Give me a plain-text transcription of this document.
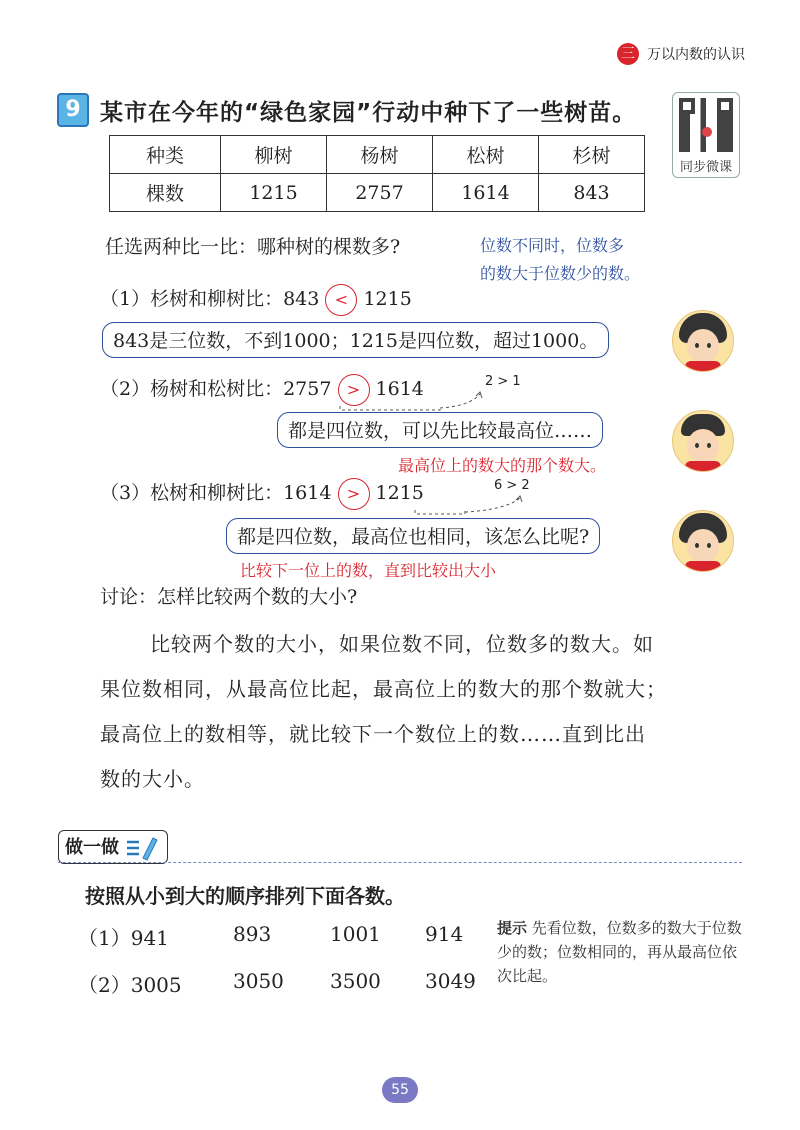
三 万以内数的认识
9 某市在今年的“绿色家园”行动中种下了一些树苗。
同步微课
种类	柳树	杨树	松树	杉树
棵数	1215	2757	1614	843
任选两种比一比：哪种树的棵数多?	位数不同时，位数多
的数大于位数少的数。
（1）杉树和柳树比：843 < 1215
843是三位数，不到1000；1215是四位数，超过1000。
（2）杨树和松树比：2757 > 1614	2 > 1
都是四位数，可以先比较最高位……
最高位上的数大的那个数大。
（3）松树和柳树比：1614 > 1215	6 > 2
都是四位数，最高位也相同，该怎么比呢?
比较下一位上的数，直到比较出大小
讨论：怎样比较两个数的大小?
比较两个数的大小，如果位数不同，位数多的数大。如
果位数相同，从最高位比起，最高位上的数大的那个数就大；
最高位上的数相等，就比较下一个数位上的数……直到比出
数的大小。
做一做
按照从小到大的顺序排列下面各数。
（1）941	893	1001 914
（2）3005	3050 3500 3049
提示 先看位数，位数多的数大于位数少的数；位数相同的，再从最高位依次比起。
55
